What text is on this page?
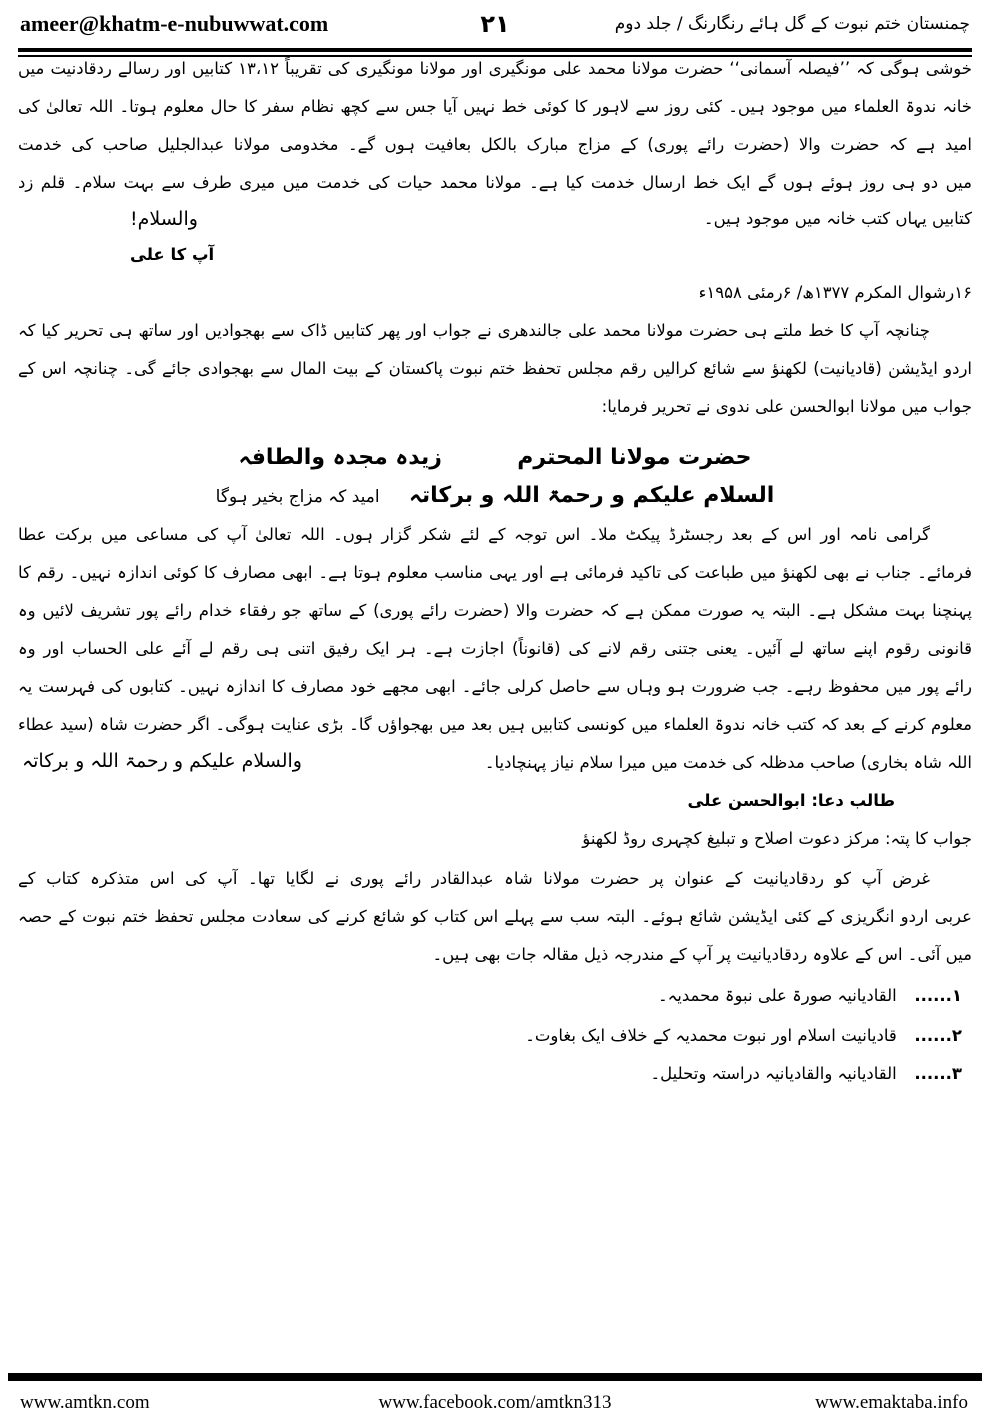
ameer@khatm-e-nubuwwat.com	۲۱	چمنستان ختم نبوت کے گل ہائے رنگارنگ / جلد دوم
خوشی ہوگی کہ ’’فیصلہ آسمانی‘‘ حضرت مولانا محمد علی مونگیری اور مولانا مونگیری کی تقریباً ۱۳،۱۲ کتابیں اور رسالے ردقادنیت میں
خانہ ندوۃ العلماء میں موجود ہیں۔ کئی روز سے لاہور کا کوئی خط نہیں آیا جس سے کچھ نظام سفر کا حال معلوم ہوتا۔ اللہ تعالیٰ کی
امید ہے کہ حضرت والا (حضرت رائے پوری) کے مزاج مبارک بالکل بعافیت ہوں گے۔ مخدومی مولانا عبدالجلیل صاحب کی خدمت
میں دو ہی روز ہوئے ہوں گے ایک خط ارسال خدمت کیا ہے۔ مولانا محمد حیات کی خدمت میں میری طرف سے بہت سلام۔ قلم زد
کتابیں یہاں کتب خانہ میں موجود ہیں۔
والسلام!
آپ کا علی
۱۶رشوال المکرم ۱۳۷۷ھ/ ۶رمئی ۱۹۵۸ء
چنانچہ آپ کا خط ملتے ہی حضرت مولانا محمد علی جالندھری نے جواب اور پھر کتابیں ڈاک سے بھجوادیں اور ساتھ ہی تحریر کیا کہ
اردو ایڈیشن (قادیانیت) لکھنؤ سے شائع کرالیں رقم مجلس تحفظ ختم نبوت پاکستان کے بیت المال سے بھجوادی جائے گی۔ چنانچہ اس کے
جواب میں مولانا ابوالحسن علی ندوی نے تحریر فرمایا:
حضرت مولانا المحترم  زیدہ مجدہ والطافہ
السلام علیکم و رحمۃ اللہ و برکاتہ  امید کہ مزاج بخیر ہوگا
گرامی نامہ اور اس کے بعد رجسٹرڈ پیکٹ ملا۔ اس توجہ کے لئے شکر گزار ہوں۔ اللہ تعالیٰ آپ کی مساعی میں برکت عطا
فرمائے۔ جناب نے بھی لکھنؤ میں طباعت کی تاکید فرمائی ہے اور یہی مناسب معلوم ہوتا ہے۔ ابھی مصارف کا کوئی اندازہ نہیں۔ رقم کا
پہنچنا بہت مشکل ہے۔ البتہ یہ صورت ممکن ہے کہ حضرت والا (حضرت رائے پوری) کے ساتھ جو رفقاء خدام رائے پور تشریف لائیں وہ
قانونی رقوم اپنے ساتھ لے آئیں۔ یعنی جتنی رقم لانے کی (قانوناً) اجازت ہے۔ ہر ایک رفیق اتنی ہی رقم لے آئے علی الحساب اور وہ
رائے پور میں محفوظ رہے۔ جب ضرورت ہو وہاں سے حاصل کرلی جائے۔ ابھی مجھے خود مصارف کا اندازہ نہیں۔ کتابوں کی فہرست یہ
معلوم کرنے کے بعد کہ کتب خانہ ندوۃ العلماء میں کونسی کتابیں ہیں بعد میں بھجواؤں گا۔ بڑی عنایت ہوگی۔ اگر حضرت شاہ (سید عطاء
اللہ شاہ بخاری) صاحب مدظلہ کی خدمت میں میرا سلام نیاز پہنچادیا۔
والسلام علیکم و رحمۃ اللہ و برکاتہ
طالب دعا: ابوالحسن علی
جواب کا پتہ: مرکز دعوت اصلاح و تبلیغ کچہری روڈ لکھنؤ
غرض آپ کو ردقادیانیت کے عنوان پر حضرت مولانا شاہ عبدالقادر رائے پوری نے لگایا تھا۔ آپ کی اس متذکرہ کتاب کے
عربی اردو انگریزی کے کئی ایڈیشن شائع ہوئے۔ البتہ سب سے پہلے اس کتاب کو شائع کرنے کی سعادت مجلس تحفظ ختم نبوت کے حصہ
میں آئی۔ اس کے علاوہ ردقادیانیت پر آپ کے مندرجہ ذیل مقالہ جات بھی ہیں۔
۱...... القادیانیہ صورۃ علی نبوۃ محمدیہ۔
۲...... قادیانیت اسلام اور نبوت محمدیہ کے خلاف ایک بغاوت۔
۳...... القادیانیہ والقادیانیہ دراستہ وتحلیل۔
www.amtkn.com	www.facebook.com/amtkn313	www.emaktaba.info
